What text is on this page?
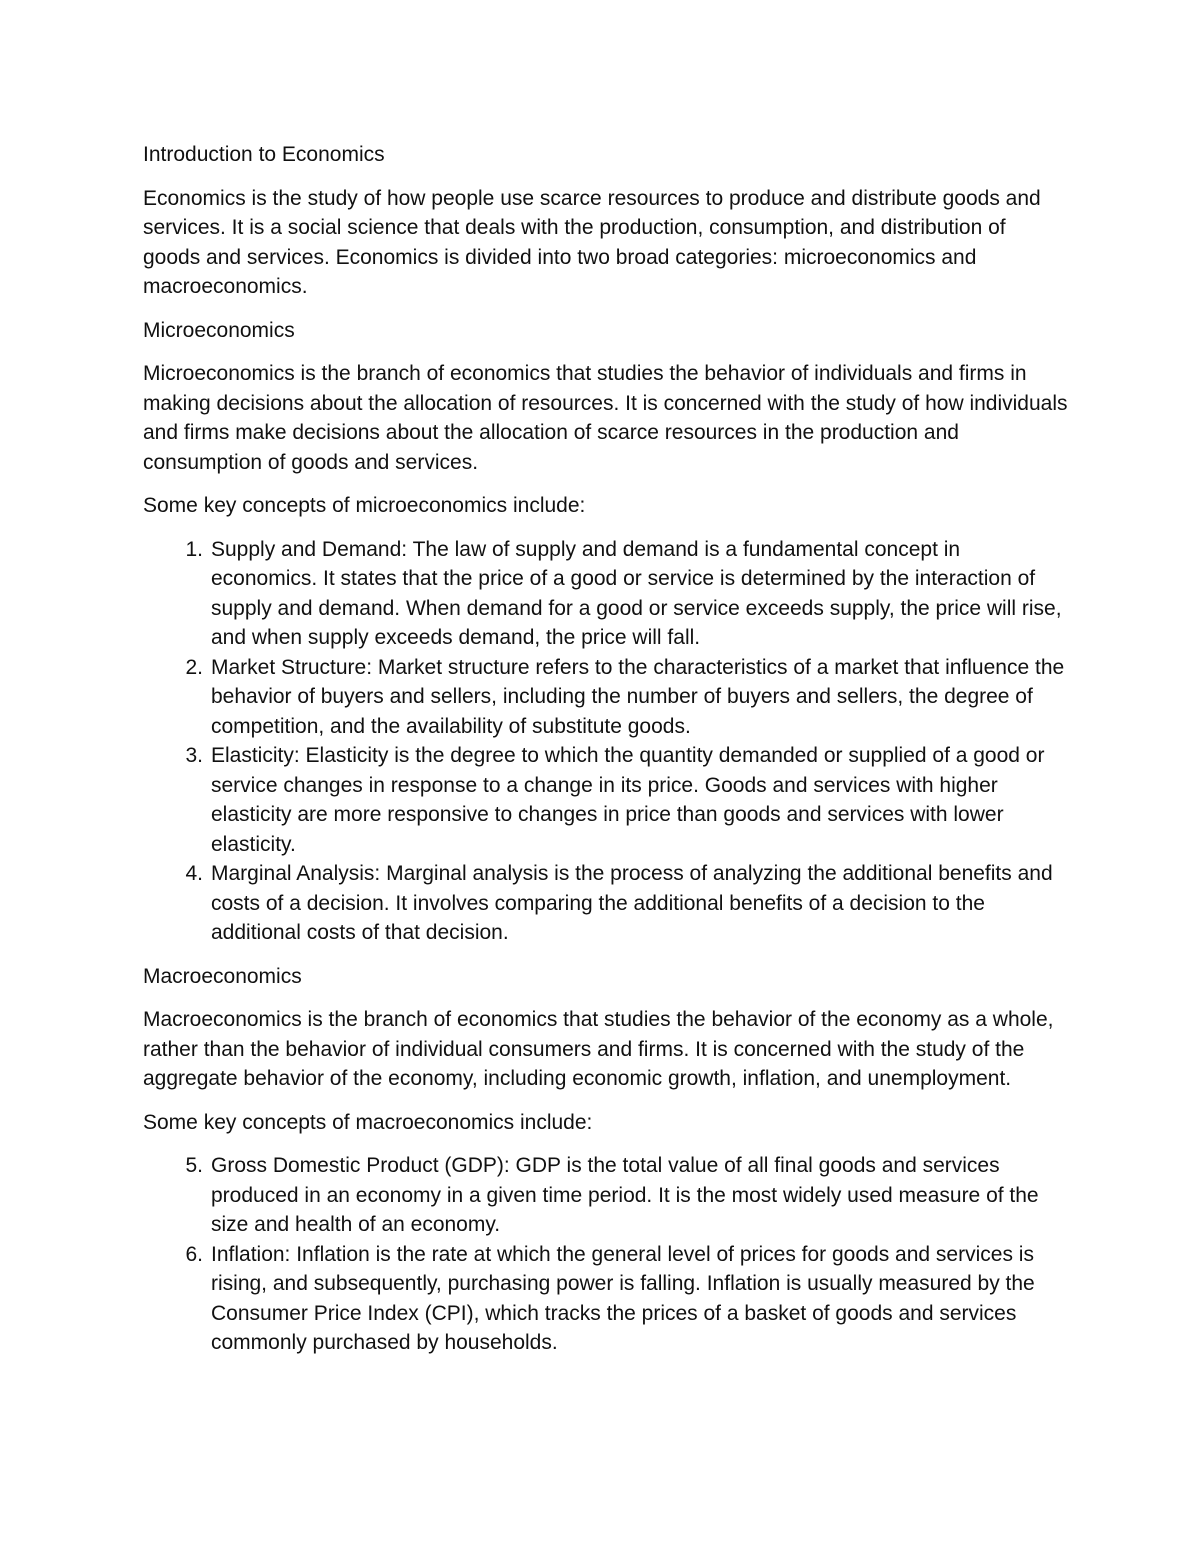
Introduction to Economics

Economics is the study of how people use scarce resources to produce and distribute goods and services. It is a social science that deals with the production, consumption, and distribution of goods and services. Economics is divided into two broad categories: microeconomics and macroeconomics.

Microeconomics

Microeconomics is the branch of economics that studies the behavior of individuals and firms in making decisions about the allocation of resources. It is concerned with the study of how individuals and firms make decisions about the allocation of scarce resources in the production and consumption of goods and services.

Some key concepts of microeconomics include:

1. Supply and Demand: The law of supply and demand is a fundamental concept in economics. It states that the price of a good or service is determined by the interaction of supply and demand. When demand for a good or service exceeds supply, the price will rise, and when supply exceeds demand, the price will fall.
2. Market Structure: Market structure refers to the characteristics of a market that influence the behavior of buyers and sellers, including the number of buyers and sellers, the degree of competition, and the availability of substitute goods.
3. Elasticity: Elasticity is the degree to which the quantity demanded or supplied of a good or service changes in response to a change in its price. Goods and services with higher elasticity are more responsive to changes in price than goods and services with lower elasticity.
4. Marginal Analysis: Marginal analysis is the process of analyzing the additional benefits and costs of a decision. It involves comparing the additional benefits of a decision to the additional costs of that decision.

Macroeconomics

Macroeconomics is the branch of economics that studies the behavior of the economy as a whole, rather than the behavior of individual consumers and firms. It is concerned with the study of the aggregate behavior of the economy, including economic growth, inflation, and unemployment.

Some key concepts of macroeconomics include:

5. Gross Domestic Product (GDP): GDP is the total value of all final goods and services produced in an economy in a given time period. It is the most widely used measure of the size and health of an economy.
6. Inflation: Inflation is the rate at which the general level of prices for goods and services is rising, and subsequently, purchasing power is falling. Inflation is usually measured by the Consumer Price Index (CPI), which tracks the prices of a basket of goods and services commonly purchased by households.
